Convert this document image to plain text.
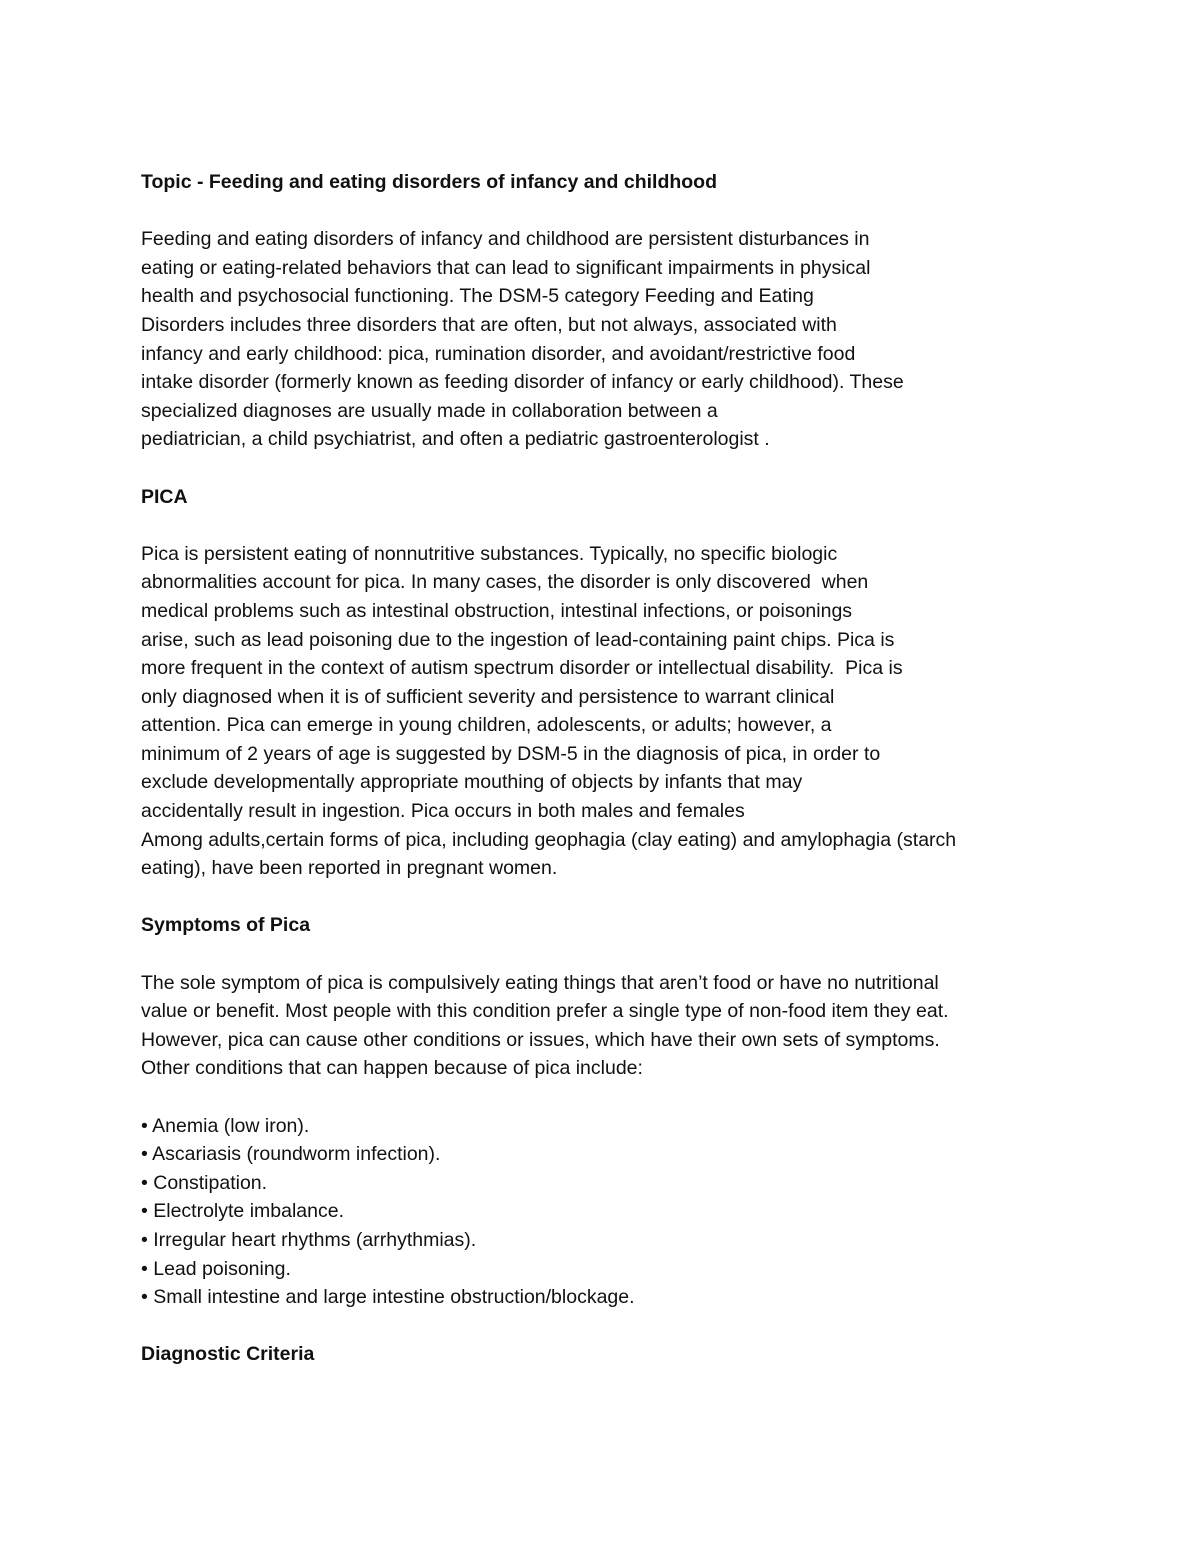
Topic - Feeding and eating disorders of infancy and childhood
Feeding and eating disorders of infancy and childhood are persistent disturbances in
eating or eating-related behaviors that can lead to significant impairments in physical
health and psychosocial functioning. The DSM-5 category Feeding and Eating
Disorders includes three disorders that are often, but not always, associated with
infancy and early childhood: pica, rumination disorder, and avoidant/restrictive food
intake disorder (formerly known as feeding disorder of infancy or early childhood). These
specialized diagnoses are usually made in collaboration between a
pediatrician, a child psychiatrist, and often a pediatric gastroenterologist .
PICA
Pica is persistent eating of nonnutritive substances. Typically, no specific biologic
abnormalities account for pica. In many cases, the disorder is only discovered  when
medical problems such as intestinal obstruction, intestinal infections, or poisonings
arise, such as lead poisoning due to the ingestion of lead-containing paint chips. Pica is
more frequent in the context of autism spectrum disorder or intellectual disability.  Pica is
only diagnosed when it is of sufficient severity and persistence to warrant clinical
attention. Pica can emerge in young children, adolescents, or adults; however, a
minimum of 2 years of age is suggested by DSM-5 in the diagnosis of pica, in order to
exclude developmentally appropriate mouthing of objects by infants that may
accidentally result in ingestion. Pica occurs in both males and females
Among adults,certain forms of pica, including geophagia (clay eating) and amylophagia (starch
eating), have been reported in pregnant women.
Symptoms of Pica
The sole symptom of pica is compulsively eating things that aren’t food or have no nutritional
value or benefit. Most people with this condition prefer a single type of non-food item they eat.
However, pica can cause other conditions or issues, which have their own sets of symptoms.
Other conditions that can happen because of pica include:
• Anemia (low iron).
• Ascariasis (roundworm infection).
• Constipation.
• Electrolyte imbalance.
• Irregular heart rhythms (arrhythmias).
• Lead poisoning.
• Small intestine and large intestine obstruction/blockage.
Diagnostic Criteria
